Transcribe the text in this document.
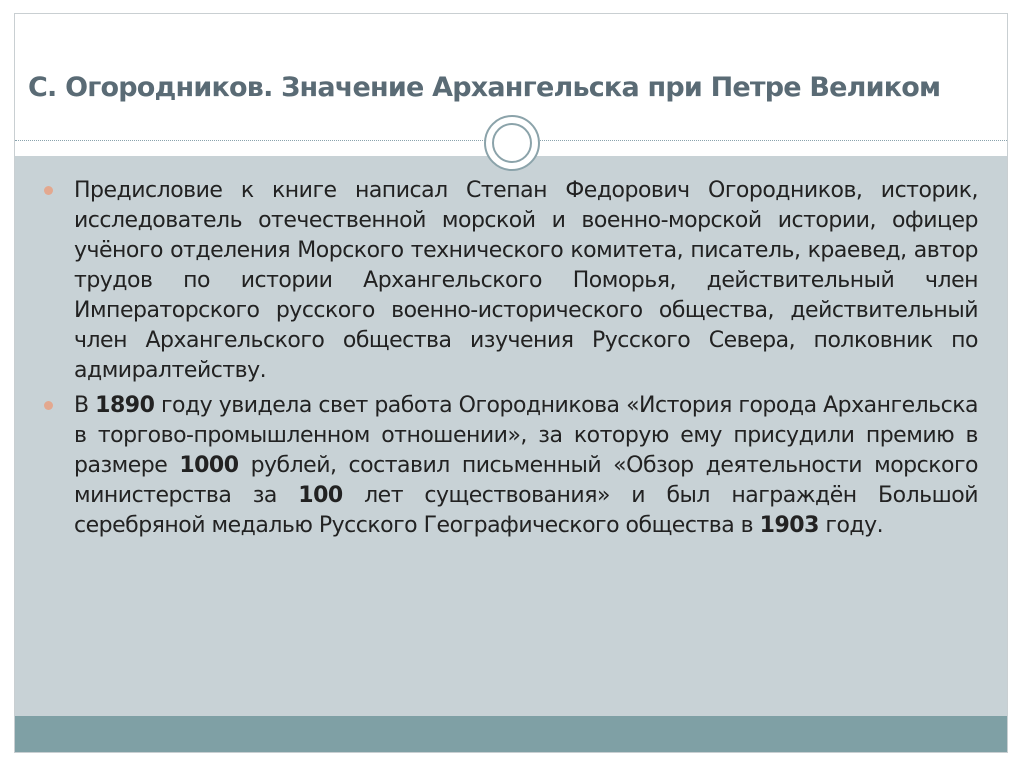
С. Огородников. Значение Архангельска при Петре Великом
Предисловие к книге написал Степан Федорович Огородников, историк, исследователь отечественной морской и военно-морской истории, офицер учёного отделения Морского технического комитета, писатель, краевед, автор трудов по истории Архангельского Поморья, действительный член Императорского русского военно-исторического общества, действительный член Архангельского общества изучения Русского Севера, полковник по адмиралтейству.
В 1890 году увидела свет работа Огородникова «История города Архангельска в торгово-промышленном отношении», за которую ему присудили премию в размере 1000 рублей, составил письменный «Обзор деятельности морского министерства за 100 лет существования» и был награждён Большой серебряной медалью Русского Географического общества в 1903 году.
